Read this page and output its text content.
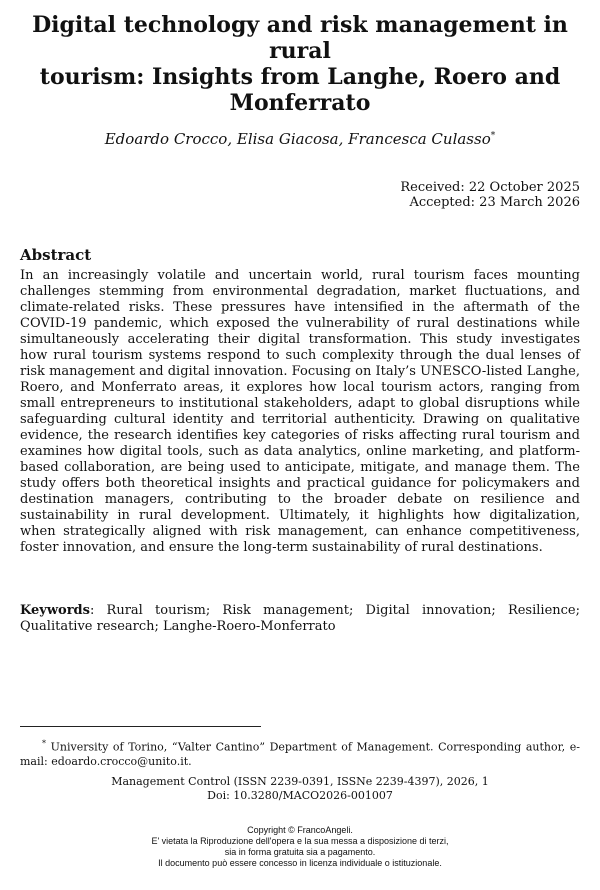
Digital technology and risk management in rural
tourism: Insights from Langhe, Roero and
Monferrato
Edoardo Crocco, Elisa Giacosa, Francesca Culasso*
Received: 22 October 2025
Accepted: 23 March 2026
Abstract

In an increasingly volatile and uncertain world, rural tourism faces mounting challenges stemming from environmental degradation, market fluctuations, and climate-related risks. These pressures have intensified in the aftermath of the COVID-19 pandemic, which exposed the vulnerability of rural destinations while simultaneously accelerating their digital transformation. This study investigates how rural tourism systems respond to such complexity through the dual lenses of risk management and digital innovation. Focusing on Italy’s UNESCO-listed Langhe, Roero, and Monferrato areas, it explores how local tourism actors, ranging from small entrepreneurs to institutional stakeholders, adapt to global disruptions while safeguarding cultural identity and territorial authenticity. Drawing on qualitative evidence, the research identifies key categories of risks affecting rural tourism and examines how digital tools, such as data analytics, online marketing, and platform-based collaboration, are being used to anticipate, mitigate, and manage them. The study offers both theoretical insights and practical guidance for policymakers and destination managers, contributing to the broader debate on resilience and sustainability in rural development. Ultimately, it highlights how digitalization, when strategically aligned with risk management, can enhance competitiveness, foster innovation, and ensure the long-term sustainability of rural destinations.

Keywords: Rural tourism; Risk management; Digital innovation; Resilience; Qualitative research; Langhe-Roero-Monferrato

* University of Torino, “Valter Cantino” Department of Management. Corresponding author, e-mail: edoardo.crocco@unito.it.

Management Control (ISSN 2239-0391, ISSNe 2239-4397), 2026, 1
Doi: 10.3280/MACO2026-001007
Copyright © FrancoAngeli.
E' vietata la Riproduzione dell'opera e la sua messa a disposizione di terzi,
sia in forma gratuita sia a pagamento.
Il documento può essere concesso in licenza individuale o istituzionale.
